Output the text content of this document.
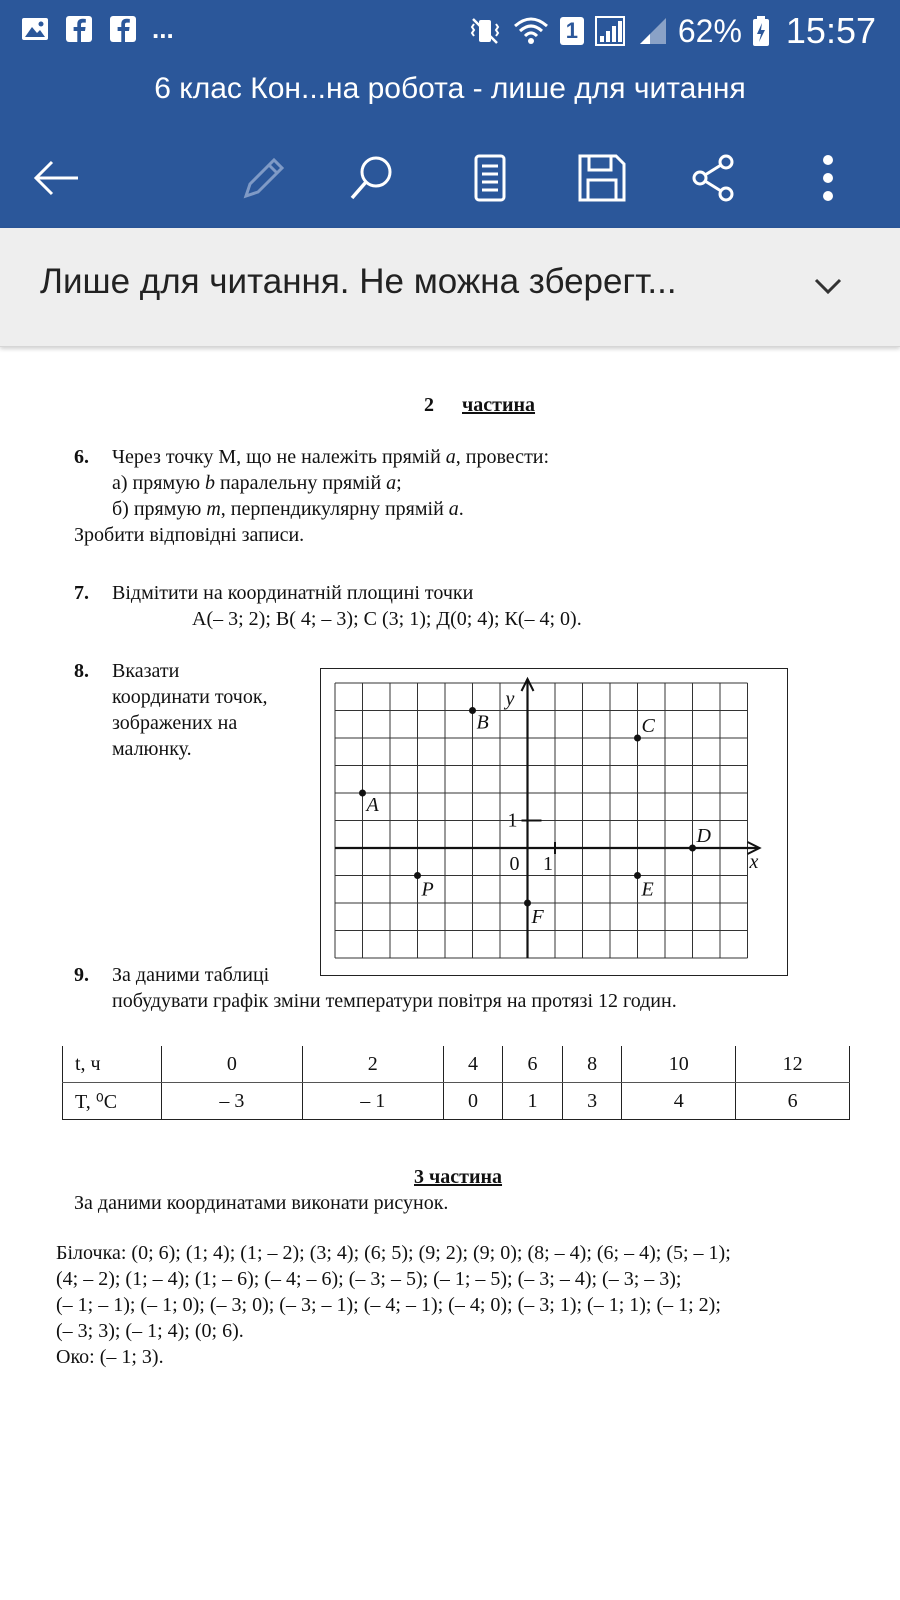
...	1	62% 15:57
6 клас Кон...на робота - лише для читання
Лише для читання. Не можна зберегт...
2 частина
6. Через точку М, що не належіть прямій a, провести:
а) прямую b паралельну прямій a;
б) прямую m, перпендикулярну прямій a.
Зробити відповідні записи.
7. Відмітити на координатній площині точки
А(– 3; 2); В( 4; – 3); С (3; 1); Д(0; 4); К(– 4; 0).
8. Вказати
координати точок,
зображених на
малюнку.
x
y
0 1
1
A
B	C
D
P	E
F
9. За даними таблиці
побудувати графік зміни температури повітря на протязі 12 годин.
t, ч	0	2	4	6	8	10	12
T, ⁰C	– 3	– 1	0	1	3	4	6
3 частина
За даними координатами виконати рисунок.
Білочка: (0; 6); (1; 4); (1; – 2); (3; 4); (6; 5); (9; 2); (9; 0); (8; – 4); (6; – 4); (5; – 1);
(4; – 2); (1; – 4); (1; – 6); (– 4; – 6); (– 3; – 5); (– 1; – 5); (– 3; – 4); (– 3; – 3);
(– 1; – 1); (– 1; 0); (– 3; 0); (– 3; – 1); (– 4; – 1); (– 4; 0); (– 3; 1); (– 1; 1); (– 1; 2);
(– 3; 3); (– 1; 4); (0; 6).
Око: (– 1; 3).
